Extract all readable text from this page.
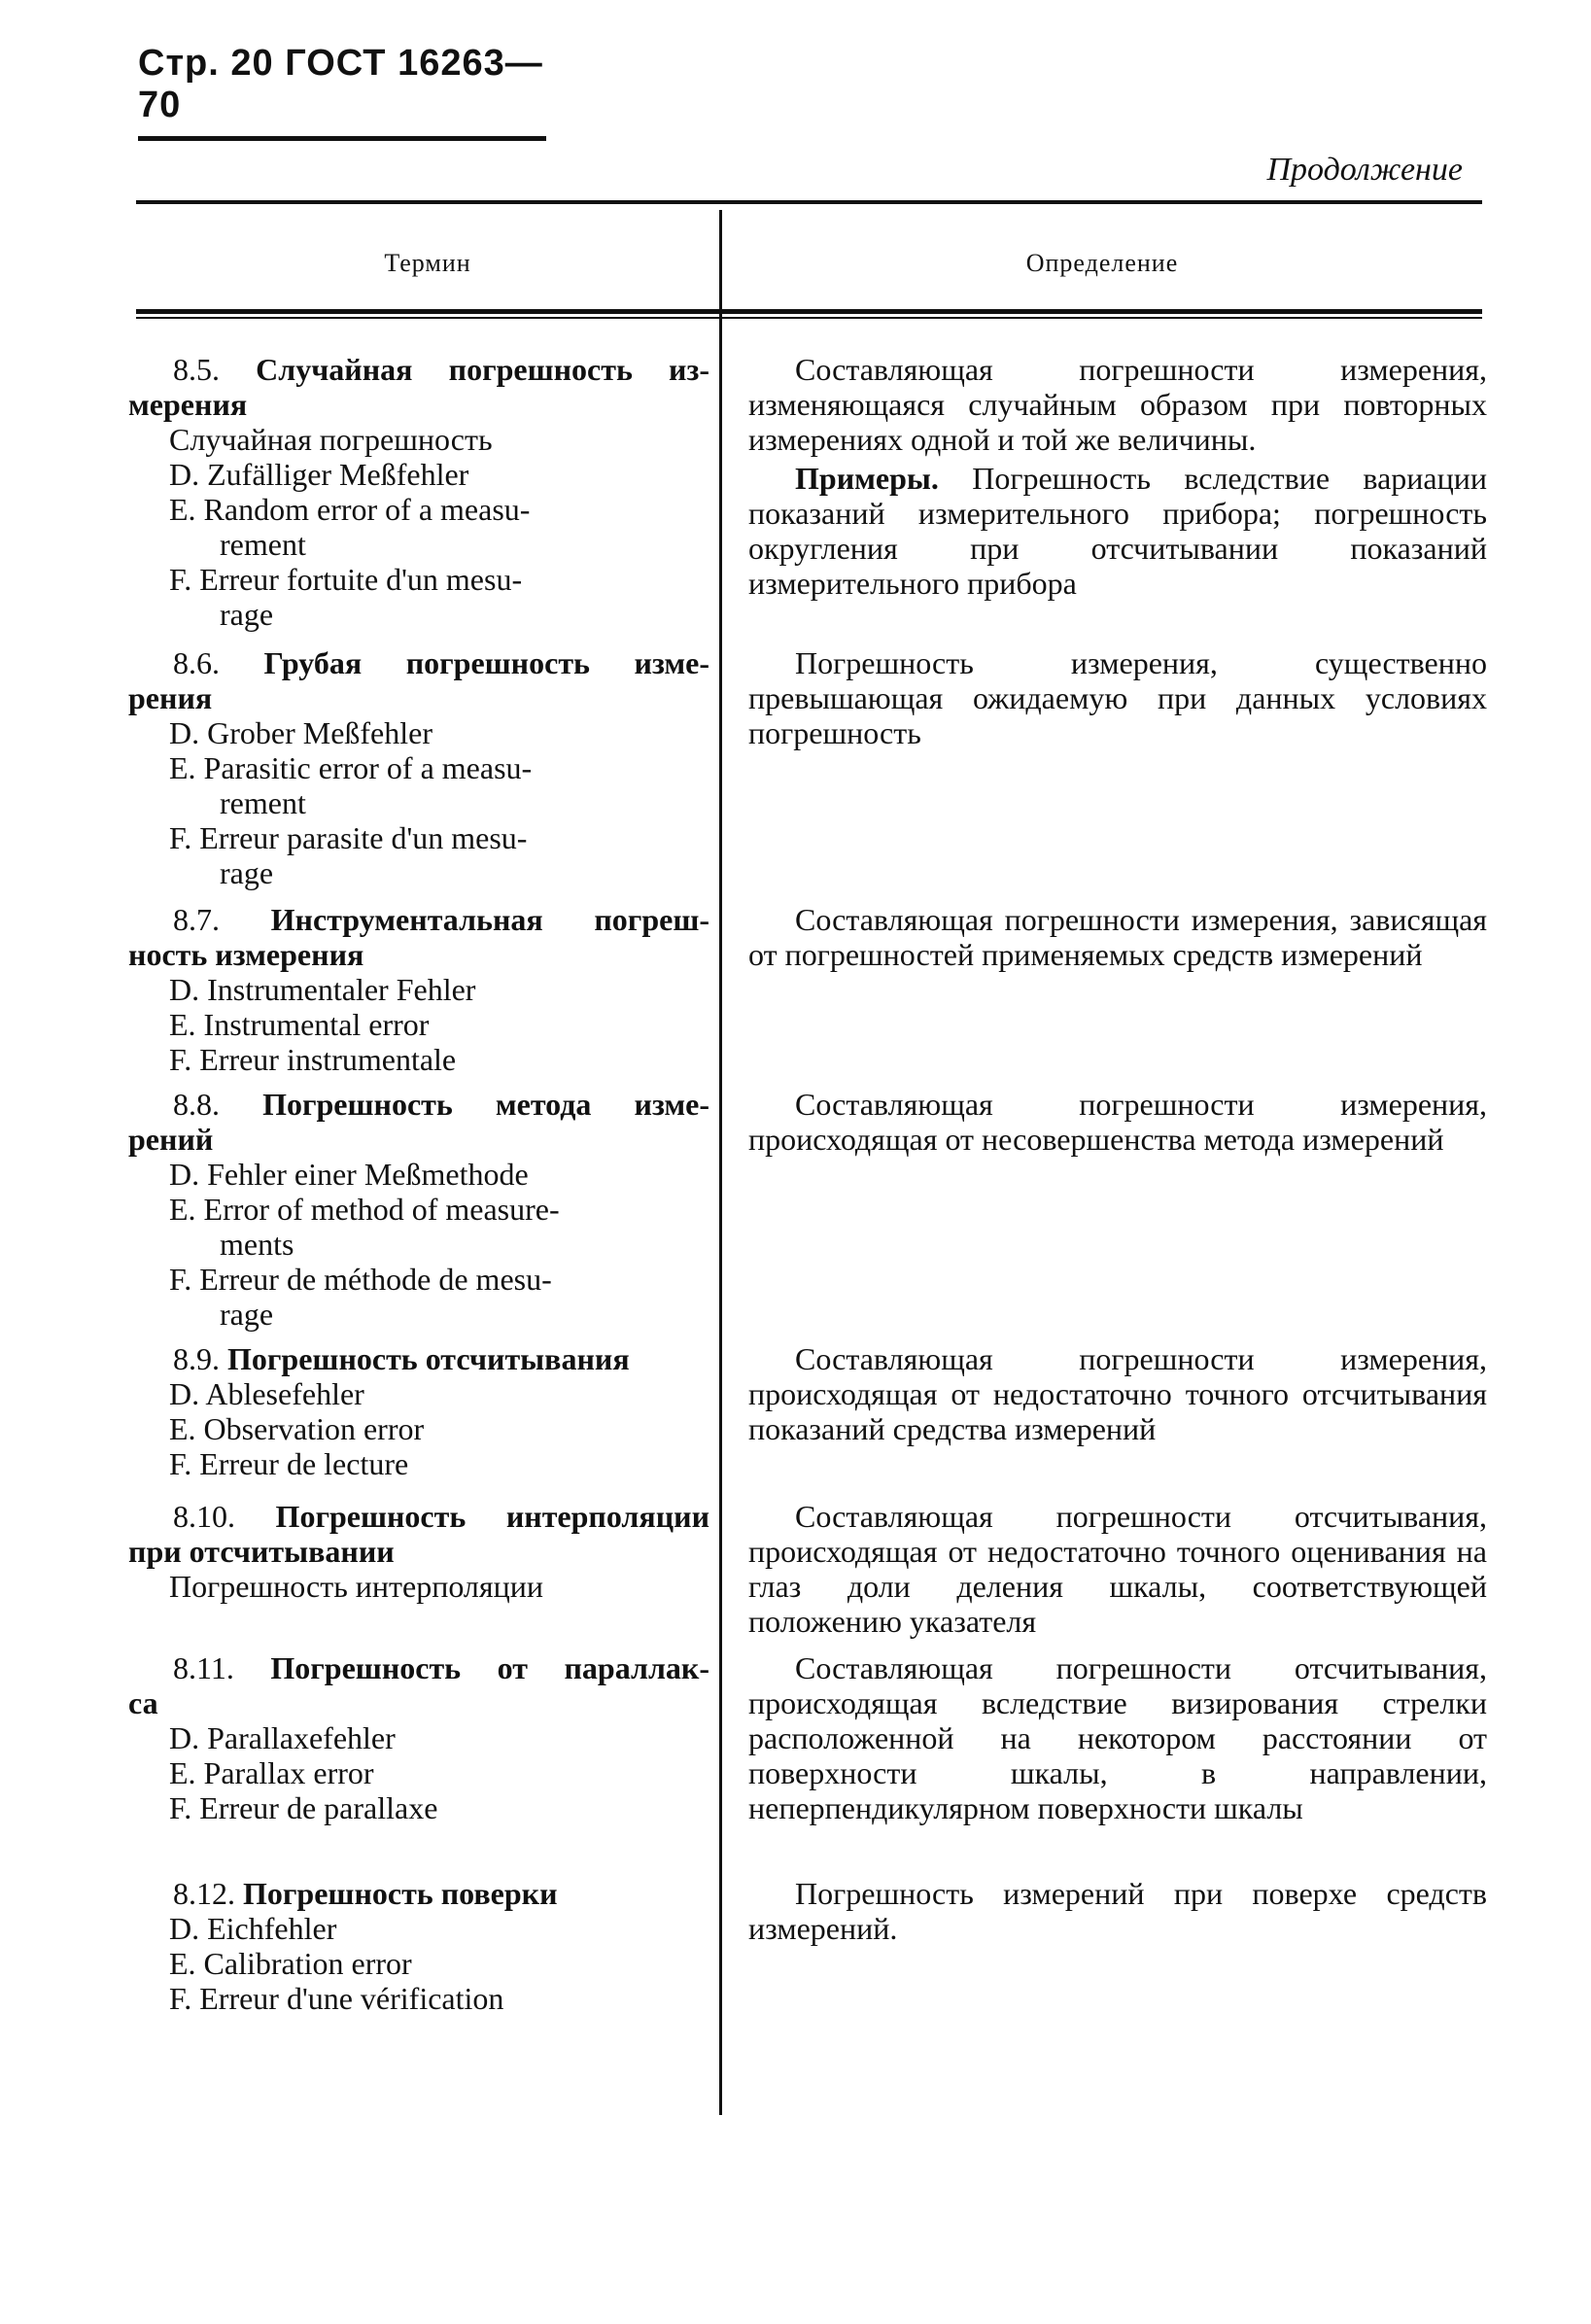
Стр. 20 ГОСТ 16263—70
Продолжение
Термин	Определение
8.5. Случайная погрешность из-
мерения
Случайная погрешность
D. Zufälliger Meßfehler
E. Random error of a measu-
rement
F. Erreur fortuite d'un mesu-
rage
Составляющая погрешности измерения, изменяющаяся случайным образом при повторных измерениях одной и той же величины.
Примеры. Погрешность вследствие вариации показаний измерительного прибора; погрешность округления при отсчитывании показаний измерительного прибора
8.6. Грубая погрешность изме-
рения
D. Grober Meßfehler
E. Parasitic error of a measu-
rement
F. Erreur parasite d'un mesu-
rage
Погрешность измерения, существенно превышающая ожидаемую при данных условиях погрешность
8.7. Инструментальная погреш-
ность измерения
D. Instrumentaler Fehler
E. Instrumental error
F. Erreur instrumentale
Составляющая погрешности измерения, зависящая от погрешностей применяемых средств измерений
8.8. Погрешность метода изме-
рений
D. Fehler einer Meßmethode
E. Error of method of measure-
ments
F. Erreur de méthode de mesu-
rage
Составляющая погрешности измерения, происходящая от несовершенства метода измерений
8.9. Погрешность отсчитывания
D. Ablesefehler
E. Observation error
F. Erreur de lecture
Составляющая погрешности измерения, происходящая от недостаточно точного отсчитывания показаний средства измерений
8.10. Погрешность интерполяции
при отсчитывании
Погрешность интерполяции
Составляющая погрешности отсчитывания, происходящая от недостаточно точного оценивания на глаз доли деления шкалы, соответствующей положению указателя
8.11. Погрешность от параллак-
са
D. Parallaxefehler
E. Parallax error
F. Erreur de parallaxe
Составляющая погрешности отсчитывания, происходящая вследствие визирования стрелки расположенной на некотором расстоянии от поверхности шкалы, в направлении, неперпендикулярном поверхности шкалы
8.12. Погрешность поверки
D. Eichfehler
E. Calibration error
F. Erreur d'une vérification
Погрешность измерений при поверхе средств измерений.
